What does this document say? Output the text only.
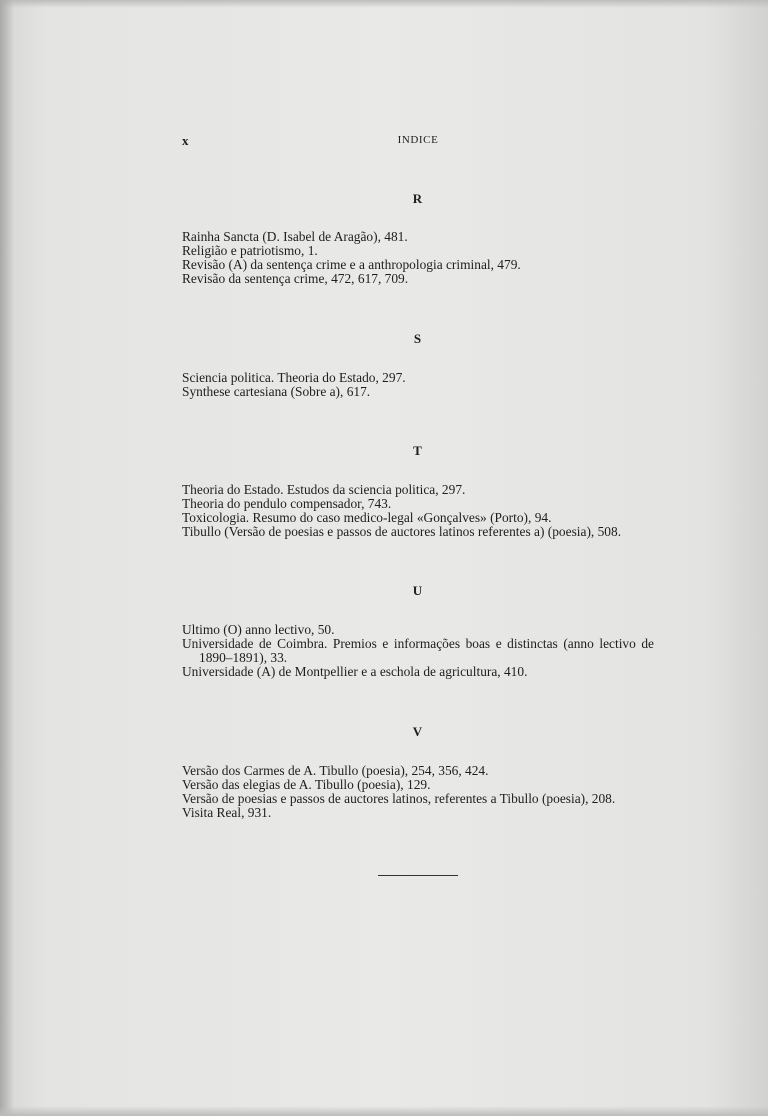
x	INDICE
R
Rainha Sancta (D. Isabel de Aragão), 481.
Religião e patriotismo, 1.
Revisão (A) da sentença crime e a anthropologia criminal, 479.
Revisão da sentença crime, 472, 617, 709.
S
Sciencia politica. Theoria do Estado, 297.
Synthese cartesiana (Sobre a), 617.
T
Theoria do Estado. Estudos da sciencia politica, 297.
Theoria do pendulo compensador, 743.
Toxicologia. Resumo do caso medico-legal «Gonçalves» (Porto), 94.
Tibullo (Versão de poesias e passos de auctores latinos referentes a) (poesia), 508.
U
Ultimo (O) anno lectivo, 50.
Universidade de Coimbra. Premios e informações boas e distinctas (anno lectivo de 1890–1891), 33.
Universidade (A) de Montpellier e a eschola de agricultura, 410.
V
Versão dos Carmes de A. Tibullo (poesia), 254, 356, 424.
Versão das elegias de A. Tibullo (poesia), 129.
Versão de poesias e passos de auctores latinos, referentes a Tibullo (poesia), 208.
Visita Real, 931.
